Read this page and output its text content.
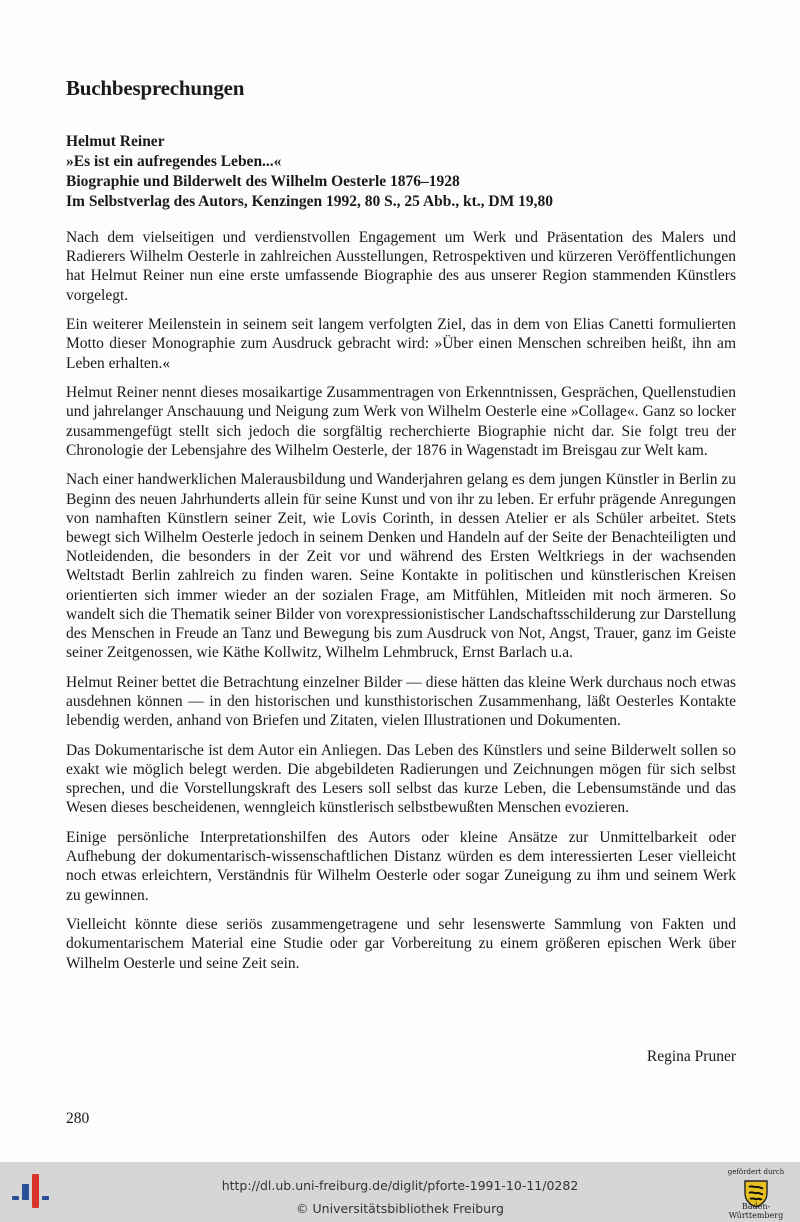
Buchbesprechungen
Helmut Reiner
»Es ist ein aufregendes Leben...«
Biographie und Bilderwelt des Wilhelm Oesterle 1876–1928
Im Selbstverlag des Autors, Kenzingen 1992, 80 S., 25 Abb., kt., DM 19,80

Nach dem vielseitigen und verdienstvollen Engagement um Werk und Präsentation des Malers und Radierers Wilhelm Oesterle in zahlreichen Ausstellungen, Retrospektiven und kürzeren Veröffentlichungen hat Helmut Reiner nun eine erste umfassende Biographie des aus unserer Region stammenden Künstlers vorgelegt.

Ein weiterer Meilenstein in seinem seit langem verfolgten Ziel, das in dem von Elias Canetti formulierten Motto dieser Monographie zum Ausdruck gebracht wird: »Über einen Menschen schreiben heißt, ihn am Leben erhalten.«

Helmut Reiner nennt dieses mosaikartige Zusammentragen von Erkenntnissen, Gesprächen, Quellenstudien und jahrelanger Anschauung und Neigung zum Werk von Wilhelm Oesterle eine »Collage«. Ganz so locker zusammengefügt stellt sich jedoch die sorgfältig recherchierte Biographie nicht dar. Sie folgt treu der Chronologie der Lebensjahre des Wilhelm Oesterle, der 1876 in Wagenstadt im Breisgau zur Welt kam.

Nach einer handwerklichen Malerausbildung und Wanderjahren gelang es dem jungen Künstler in Berlin zu Beginn des neuen Jahrhunderts allein für seine Kunst und von ihr zu leben. Er erfuhr prägende Anregungen von namhaften Künstlern seiner Zeit, wie Lovis Corinth, in dessen Atelier er als Schüler arbeitet. Stets bewegt sich Wilhelm Oesterle jedoch in seinem Denken und Handeln auf der Seite der Benachteiligten und Notleidenden, die besonders in der Zeit vor und während des Ersten Weltkriegs in der wachsenden Weltstadt Berlin zahlreich zu finden waren. Seine Kontakte in politischen und künstlerischen Kreisen orientierten sich immer wieder an der sozialen Frage, am Mitfühlen, Mitleiden mit noch ärmeren. So wandelt sich die Thematik seiner Bilder von vorexpressionistischer Landschaftsschilderung zur Darstellung des Menschen in Freude an Tanz und Bewegung bis zum Ausdruck von Not, Angst, Trauer, ganz im Geiste seiner Zeitgenossen, wie Käthe Kollwitz, Wilhelm Lehmbruck, Ernst Barlach u.a.

Helmut Reiner bettet die Betrachtung einzelner Bilder — diese hätten das kleine Werk durchaus noch etwas ausdehnen können — in den historischen und kunsthistorischen Zusammenhang, läßt Oesterles Kontakte lebendig werden, anhand von Briefen und Zitaten, vielen Illustrationen und Dokumenten.

Das Dokumentarische ist dem Autor ein Anliegen. Das Leben des Künstlers und seine Bilderwelt sollen so exakt wie möglich belegt werden. Die abgebildeten Radierungen und Zeichnungen mögen für sich selbst sprechen, und die Vorstellungskraft des Lesers soll selbst das kurze Leben, die Lebensumstände und das Wesen dieses bescheidenen, wenngleich künstlerisch selbstbewußten Menschen evozieren.

Einige persönliche Interpretationshilfen des Autors oder kleine Ansätze zur Unmittelbarkeit oder Aufhebung der dokumentarisch-wissenschaftlichen Distanz würden es dem interessierten Leser vielleicht noch etwas erleichtern, Verständnis für Wilhelm Oesterle oder sogar Zuneigung zu ihm und seinem Werk zu gewinnen.

Vielleicht könnte diese seriös zusammengetragene und sehr lesenswerte Sammlung von Fakten und dokumentarischem Material eine Studie oder gar Vorbereitung zu einem größeren epischen Werk über Wilhelm Oesterle und seine Zeit sein.

Regina Pruner
280
http://dl.ub.uni-freiburg.de/diglit/pforte-1991-10-11/0282
© Universitätsbibliothek Freiburg
gefördert durch
Baden-Württemberg
